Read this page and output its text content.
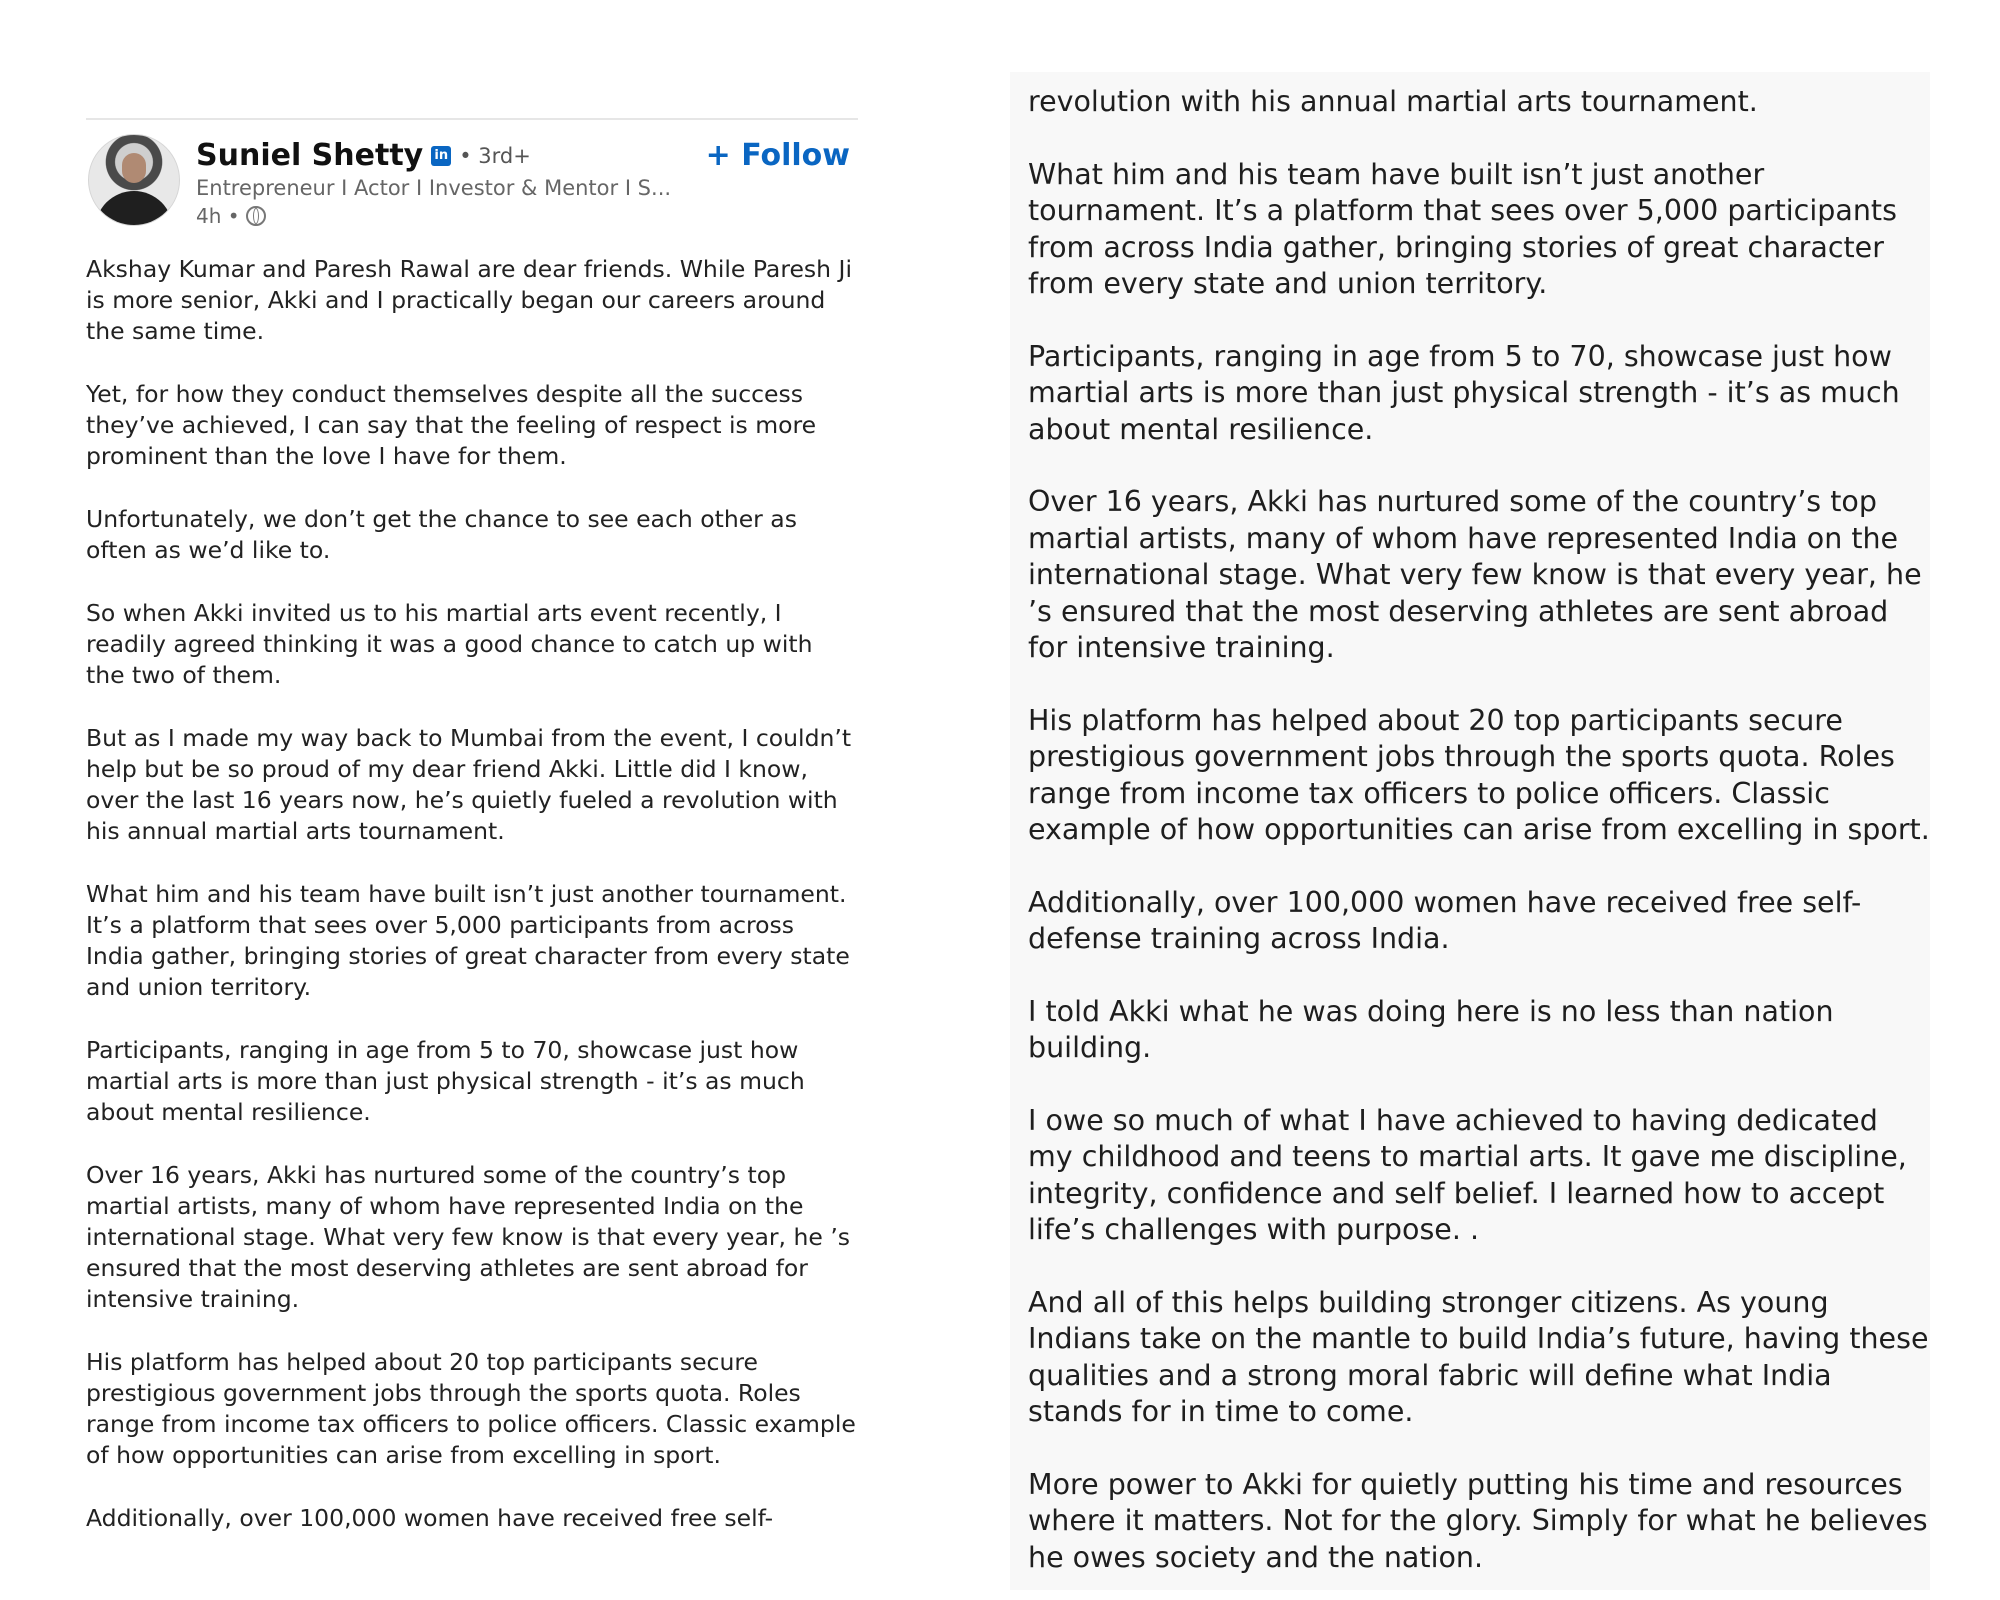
Suniel Shetty in • 3rd+
Entrepreneur I Actor I Investor & Mentor I S...
4h •
+ Follow

Akshay Kumar and Paresh Rawal are dear friends. While Paresh Ji is more senior, Akki and I practically began our careers around the same time.

Yet, for how they conduct themselves despite all the success they’ve achieved, I can say that the feeling of respect is more prominent than the love I have for them.

Unfortunately, we don’t get the chance to see each other as often as we’d like to.

So when Akki invited us to his martial arts event recently, I readily agreed thinking it was a good chance to catch up with the two of them.

But as I made my way back to Mumbai from the event, I couldn’t help but be so proud of my dear friend Akki. Little did I know, over the last 16 years now, he’s quietly fueled a revolution with his annual martial arts tournament.

What him and his team have built isn’t just another tournament. It’s a platform that sees over 5,000 participants from across India gather, bringing stories of great character from every state and union territory.

Participants, ranging in age from 5 to 70, showcase just how martial arts is more than just physical strength - it’s as much about mental resilience.

Over 16 years, Akki has nurtured some of the country’s top martial artists, many of whom have represented India on the international stage. What very few know is that every year, he ’s ensured that the most deserving athletes are sent abroad for intensive training.

His platform has helped about 20 top participants secure prestigious government jobs through the sports quota. Roles range from income tax officers to police officers. Classic example of how opportunities can arise from excelling in sport.

Additionally, over 100,000 women have received free self-

revolution with his annual martial arts tournament.

What him and his team have built isn’t just another tournament. It’s a platform that sees over 5,000 participants from across India gather, bringing stories of great character from every state and union territory.

Participants, ranging in age from 5 to 70, showcase just how martial arts is more than just physical strength - it’s as much about mental resilience.

Over 16 years, Akki has nurtured some of the country’s top martial artists, many of whom have represented India on the international stage. What very few know is that every year, he ’s ensured that the most deserving athletes are sent abroad for intensive training.

His platform has helped about 20 top participants secure prestigious government jobs through the sports quota. Roles range from income tax officers to police officers. Classic example of how opportunities can arise from excelling in sport.

Additionally, over 100,000 women have received free self-defense training across India.

I told Akki what he was doing here is no less than nation building.

I owe so much of what I have achieved to having dedicated my childhood and teens to martial arts. It gave me discipline, integrity, confidence and self belief. I learned how to accept life’s challenges with purpose. .

And all of this helps building stronger citizens. As young Indians take on the mantle to build India’s future, having these qualities and a strong moral fabric will define what India stands for in time to come.

More power to Akki for quietly putting his time and resources where it matters. Not for the glory. Simply for what he believes he owes society and the nation.
